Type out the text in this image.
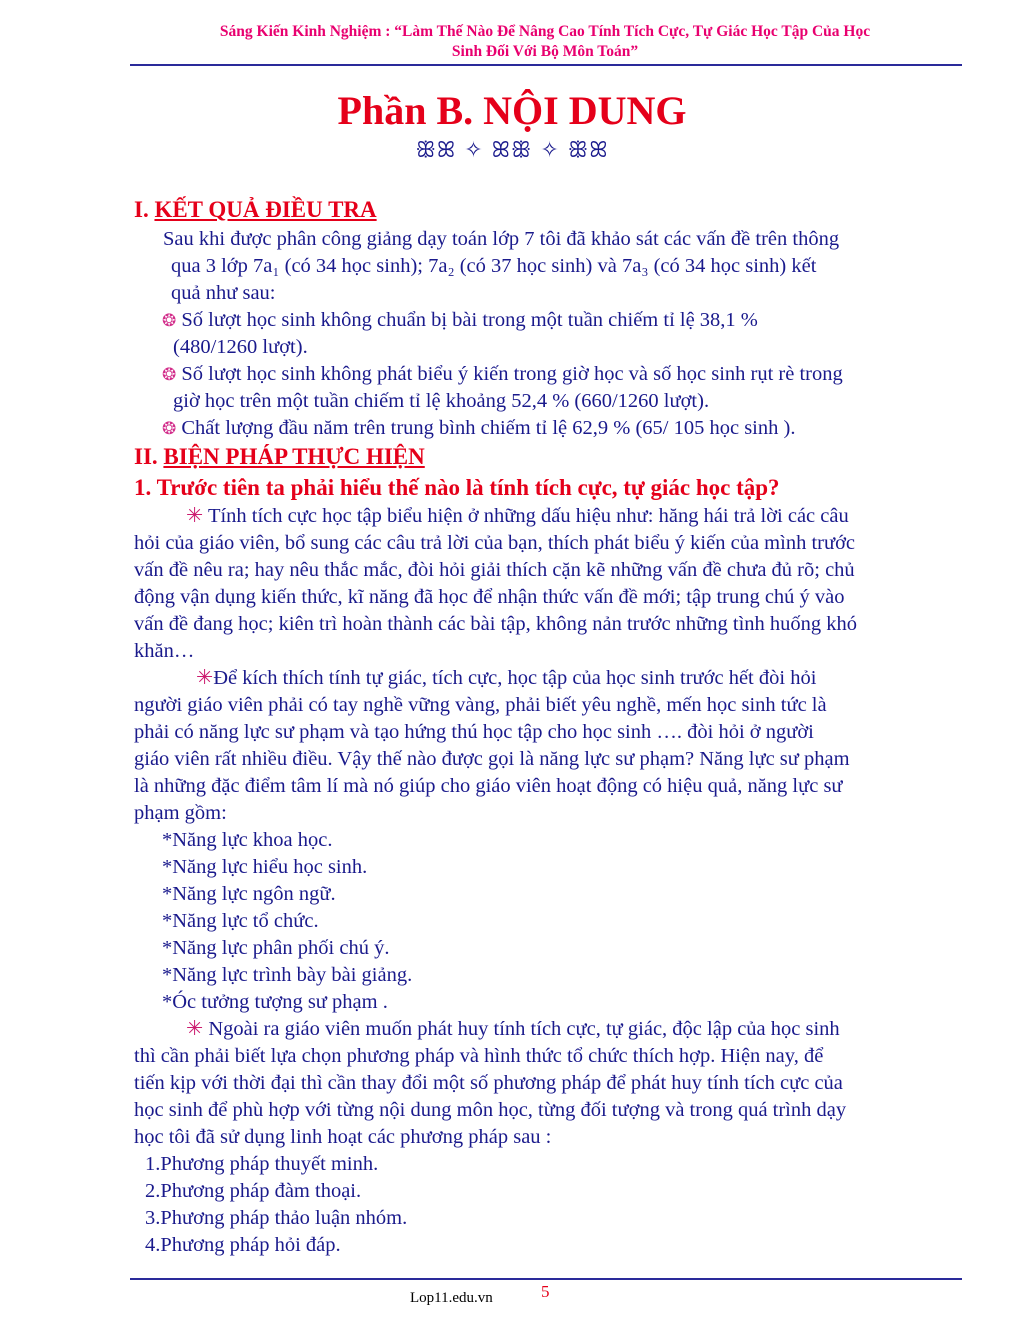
Sáng Kiến Kinh Nghiệm : “Làm Thế Nào Để Nâng Cao Tính Tích Cực, Tự Giác Học Tập Của Học
Sinh Đối Với Bộ Môn Toán”
Phần B. NỘI DUNG
ꕥꕤ ✧ ꕤꕥ ✧ ꕥꕤ
I. KẾT QUẢ ĐIỀU TRA
Sau khi được phân công giảng dạy toán lớp 7 tôi đã khảo sát các vấn đề trên thông
qua 3 lớp 7a₁ (có 34 học sinh); 7a₂ (có 37 học sinh) và 7a₃ (có 34 học sinh) kết
quả như sau:
❂ Số lượt học sinh không chuẩn bị bài trong một tuần chiếm tỉ lệ 38,1 %
(480/1260 lượt).
❂ Số lượt học sinh không phát biểu ý kiến trong giờ học và số học sinh rụt rè trong
giờ học trên một tuần chiếm tỉ lệ khoảng 52,4 % (660/1260 lượt).
❂ Chất lượng đầu năm trên trung bình chiếm tỉ lệ 62,9 % (65/ 105 học sinh ).
II. BIỆN PHÁP THỰC HIỆN
1. Trước tiên ta phải hiểu thế nào là tính tích cực, tự giác học tập?
✳ Tính tích cực học tập biểu hiện ở những dấu hiệu như: hăng hái trả lời các câu
hỏi của giáo viên, bổ sung các câu trả lời của bạn, thích phát biểu ý kiến của mình trước
vấn đề nêu ra; hay nêu thắc mắc, đòi hỏi giải thích cặn kẽ những vấn đề chưa đủ rõ; chủ
động vận dụng kiến thức, kĩ năng đã học để nhận thức vấn đề mới; tập trung chú ý vào
vấn đề đang học; kiên trì hoàn thành các bài tập, không nản trước những tình huống khó
khăn…
✳Để kích thích tính tự giác, tích cực, học tập của học sinh trước hết đòi hỏi
người giáo viên phải có tay nghề vững vàng, phải biết yêu nghề, mến học sinh tức là
phải có năng lực sư phạm và tạo hứng thú học tập cho học sinh …. đòi hỏi ở người
giáo viên rất nhiều điều. Vậy thế nào được gọi là năng lực sư phạm? Năng lực sư phạm
là những đặc điểm tâm lí mà nó giúp cho giáo viên hoạt động có hiệu quả, năng lực sư
phạm gồm:
*Năng lực khoa học.
*Năng lực hiểu học sinh.
*Năng lực ngôn ngữ.
*Năng lực tổ chức.
*Năng lực phân phối chú ý.
*Năng lực trình bày bài giảng.
*Óc tưởng tượng sư phạm .
✳ Ngoài ra giáo viên muốn phát huy tính tích cực, tự giác, độc lập của học sinh
thì cần phải biết lựa chọn phương pháp và hình thức tổ chức thích hợp. Hiện nay, để
tiến kịp với thời đại thì cần thay đổi một số phương pháp để phát huy tính tích cực của
học sinh để phù hợp với từng nội dung môn học, từng đối tượng và trong quá trình dạy
học tôi đã sử dụng linh hoạt các phương pháp sau :
1.Phương pháp thuyết minh.
2.Phương pháp đàm thoại.
3.Phương pháp thảo luận nhóm.
4.Phương pháp hỏi đáp.
Lop11.edu.vn	5
